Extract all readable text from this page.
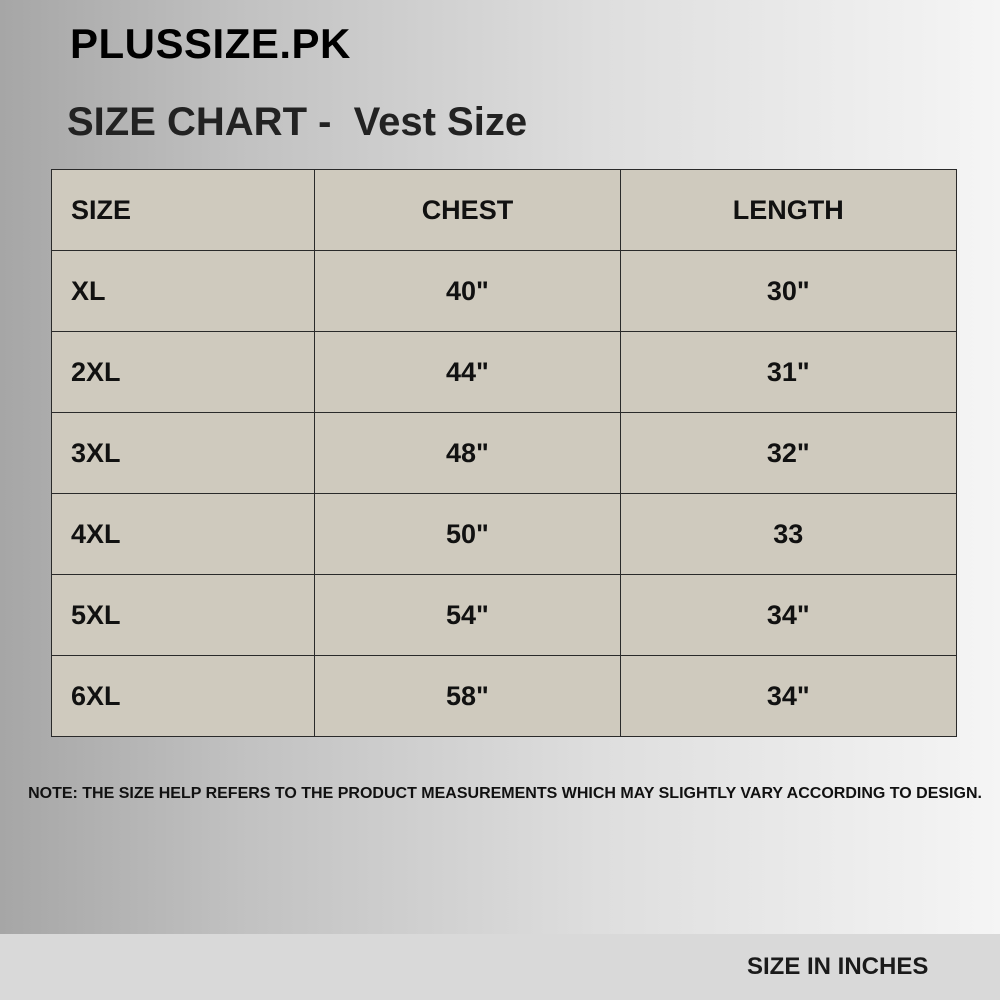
PLUSSIZE.PK
SIZE CHART -  Vest Size
SIZE	CHEST	LENGTH
XL	40"	30"
2XL	44"	31"
3XL	48"	32"
4XL	50"	33
5XL	54"	34"
6XL	58"	34"
NOTE: THE SIZE HELP REFERS TO THE PRODUCT MEASUREMENTS WHICH MAY SLIGHTLY VARY ACCORDING TO DESIGN.
SIZE IN INCHES
